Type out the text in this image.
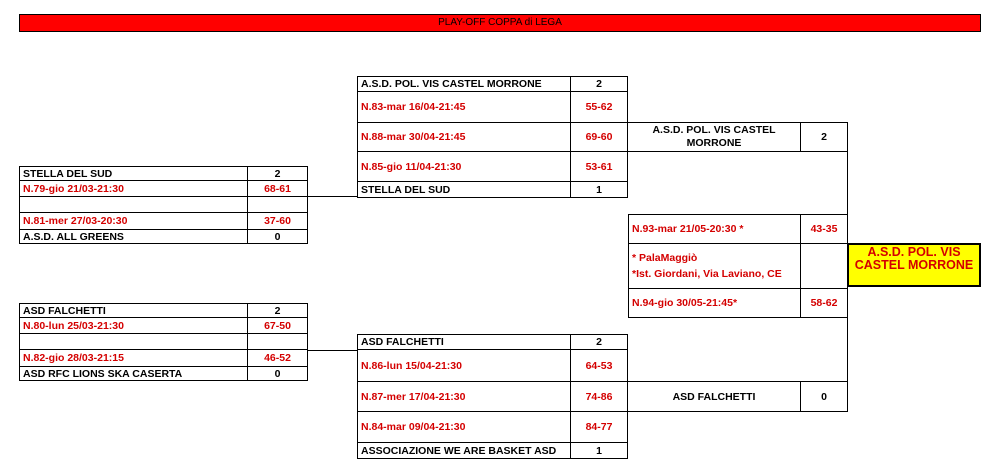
PLAY-OFF COPPA di LEGA
STELLA DEL SUD	2
N.79-gio 21/03-21:30	68-61
N.81-mer 27/03-20:30	37-60
A.S.D. ALL GREENS	0
ASD FALCHETTI	2
N.80-lun 25/03-21:30	67-50
N.82-gio 28/03-21:15	46-52
ASD RFC LIONS SKA CASERTA	0
A.S.D. POL. VIS CASTEL MORRONE	2
N.83-mar 16/04-21:45	55-62
N.88-mar 30/04-21:45	69-60
N.85-gio 11/04-21:30	53-61
STELLA DEL SUD	1
ASD FALCHETTI	2
N.86-lun 15/04-21:30	64-53
N.87-mer 17/04-21:30	74-86
N.84-mar 09/04-21:30	84-77
ASSOCIAZIONE WE ARE BASKET ASD	1
A.S.D. POL. VIS CASTEL MORRONE	2
N.93-mar 21/05-20:30 *	43-35
* PalaMaggiò
*Ist. Giordani, Via Laviano, CE
N.94-gio 30/05-21:45*	58-62
ASD FALCHETTI	0
A.S.D. POL. VIS CASTEL MORRONE
